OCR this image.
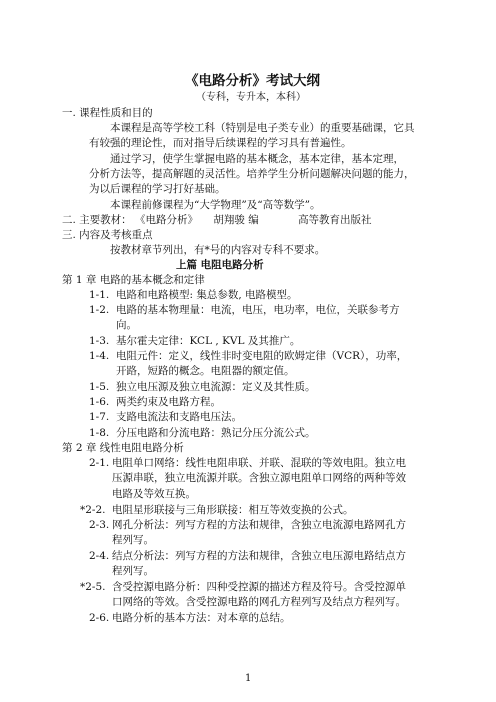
《电路分析》考试大纲
（专科，专升本，本科）
一. 课程性质和目的
本课程是高等学校工科（特别是电子类专业）的重要基础课，它具
有较强的理论性，而对指导后续课程的学习具有普遍性。
通过学习，使学生掌握电路的基本概念，基本定律，基本定理，
分析方法等，提高解题的灵活性。培养学生分析问题解决问题的能力，
为以后课程的学习打好基础。
本课程前修课程为“大学物理”及“高等数学”。
二. 主要教材： 《电路分析》 胡翔骏 编	高等教育出版社
三. 内容及考核重点
按教材章节列出，有*号的内容对专科不要求。
上篇 电阻电路分析
第 1 章 电路的基本概念和定律
1-1. 电路和电路模型: 集总参数, 电路模型。
1-2. 电路的基本物理量：电流，电压，电功率，电位，关联参考方
向。
1-3. 基尔霍夫定律：KCL , KVL 及其推广。
1-4. 电阻元件：定义，线性非时变电阻的欧姆定律（VCR），功率，
开路，短路的概念。电阻器的额定值。
1-5. 独立电压源及独立电流源：定义及其性质。
1-6. 两类约束及电路方程。
1-7. 支路电流法和支路电压法。
1-8. 分压电路和分流电路：熟记分压分流公式。
第 2 章 线性电阻电路分析
2-1. 电阻单口网络：线性电阻串联、并联、混联的等效电阻。独立电
压源串联，独立电流源并联。含独立源电阻单口网络的两种等效
电路及等效互换。
*2-2. 电阻星形联接与三角形联接：相互等效变换的公式。
2-3. 网孔分析法：列写方程的方法和规律，含独立电流源电路网孔方
程列写。
2-4. 结点分析法：列写方程的方法和规律，含独立电压源电路结点方
程列写。
*2-5. 含受控源电路分析：四种受控源的描述方程及符号。含受控源单
口网络的等效。含受控源电路的网孔方程列写及结点方程列写。
2-6. 电路分析的基本方法：对本章的总结。
1
